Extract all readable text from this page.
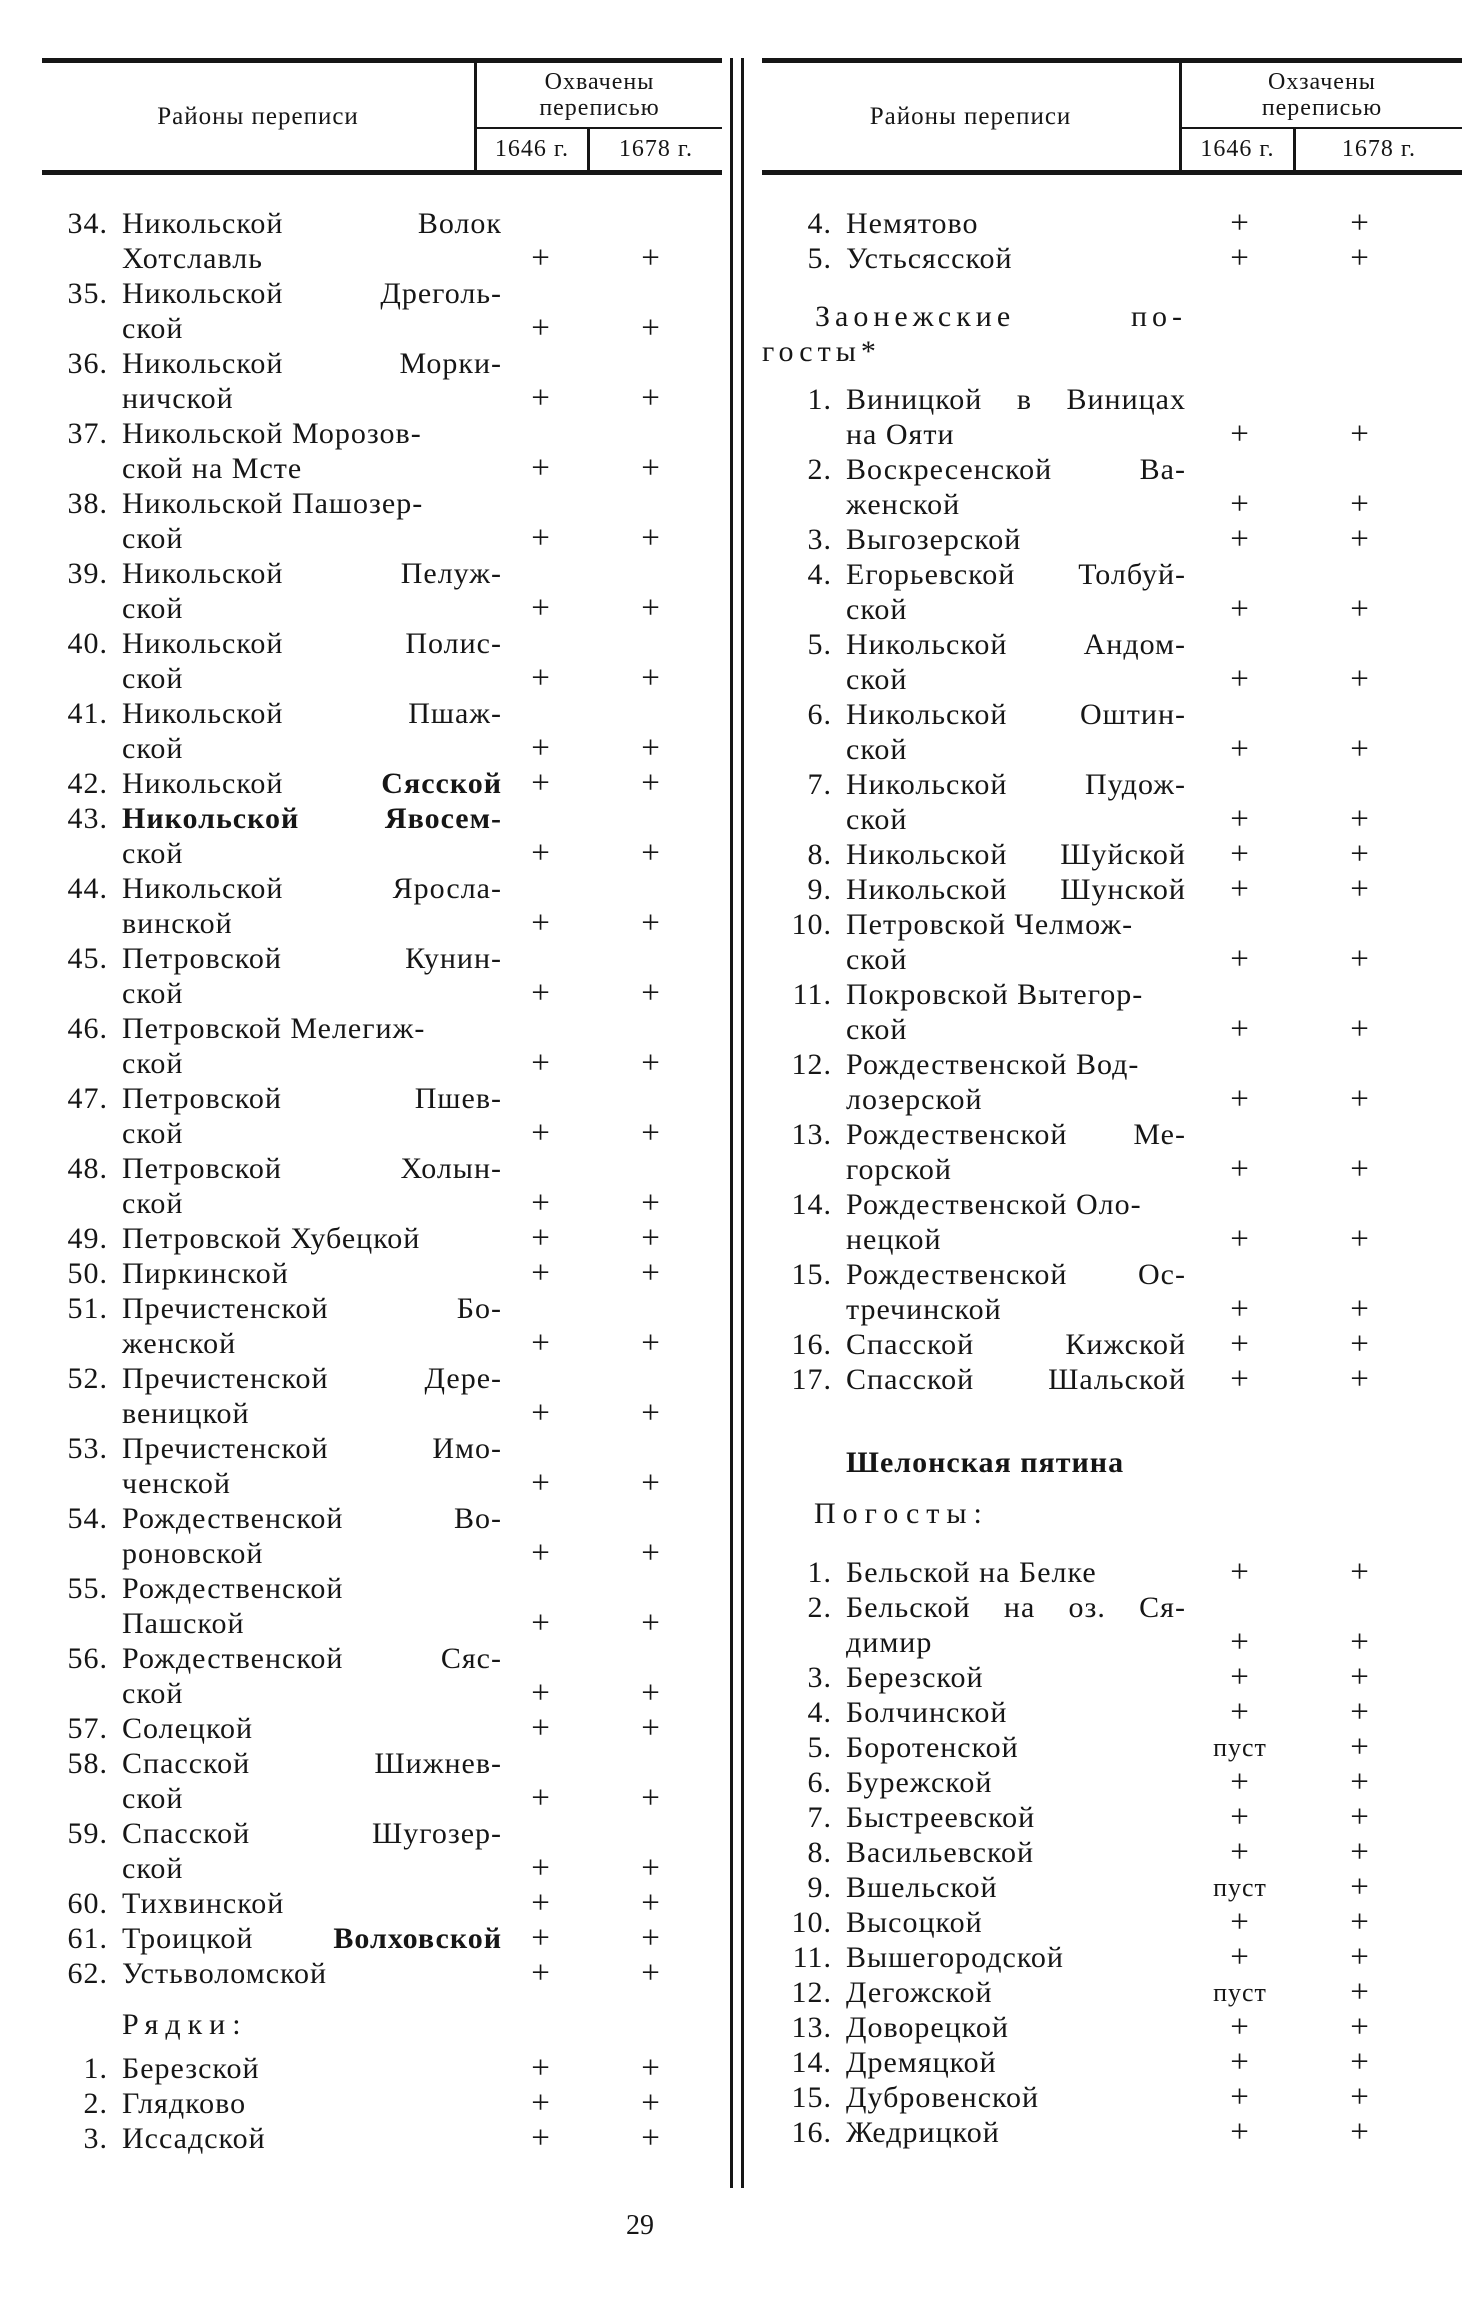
Районы переписи
Охвачены
переписью
1646 г.	1678 г.
34. Никольской	Волок
Хотславль	+	+
35. Никольской	Дреголь-
ской	+	+
36. Никольской	Морки-
ничской	+	+
37. Никольской Морозов-
ской на Мсте	+	+
38. Никольской Пашозер-
ской	+	+
39. Никольской	Пелуж-
ской	+	+
40. Никольской	Полис-
ской	+	+
41. Никольской	Пшаж-
ской	+	+
42. Никольской	Сясской +	+
43. Никольской	Явосем-
ской	+	+
44. Никольской	Яросла-
винской	+	+
45. Петровской	Кунин-
ской	+	+
46. Петровской Мелегиж-
ской	+	+
47. Петровской	Пшев-
ской	+	+
48. Петровской	Холын-
ской	+	+
49. Петровской Хубецкой	+	+
50. Пиркинской	+	+
51. Пречистенской	Бо-
женской	+	+
52. Пречистенской	Дере-
веницкой	+	+
53. Пречистенской	Имо-
ченской	+	+
54. Рождественской	Во-
роновской	+	+
55. Рождественской
Пашской	+	+
56. Рождественской	Сяс-
ской	+	+
57. Солецкой	+	+
58. Спасской	Шижнев-
ской	+	+
59. Спасской	Шугозер-
ской	+	+
60. Тихвинской	+	+
61. Троицкой	Волховской +	+
62. Устьволомской	+	+
Рядки:
1. Березской	+	+
2. Глядково	+	+
3. Иссадской	+	+
Районы переписи
Охзачены
переписью
1646 г.	1678 г.
4. Немятово	+	+
5. Устьсясской	+	+
Заонежские	по-
госты*
1. Виницкой в Виницах
на Ояти	+	+
2. Воскресенской	Ва-
женской	+	+
3. Выгозерской	+	+
4. Егорьевской Толбуй-
ской	+	+
5. Никольской	Андом-
ской	+	+
6. Никольской Оштин-
ской	+	+
7. Никольской	Пудож-
ской	+	+
8. Никольской Шуйской	+	+
9. Никольской Шунской	+	+
10. Петровской Челмож-
ской	+	+
11. Покровской Вытегор-
ской	+	+
12. Рождественской Вод-
лозерской	+	+
13. Рождественской Ме-
горской	+	+
14. Рождественской Оло-
нецкой	+	+
15. Рождественской Ос-
тречинской	+	+
16. Спасской	Кижской	+	+
17. Спасской Шальской	+	+
Шелонская пятина
Погосты:
1. Бельской на Белке	+	+
2. Бельской на оз. Ся-
димир	+	+
3. Березской	+	+
4. Болчинской	+	+
5. Боротенской	пуст	+
6. Бурежской	+	+
7. Быстреевской	+	+
8. Васильевской	+	+
9. Вшельской	пуст	+
10. Высоцкой	+	+
11. Вышегородской	+	+
12. Дегожской	пуст	+
13. Доворецкой	+	+
14. Дремяцкой	+	+
15. Дубровенской	+	+
16. Жедрицкой	+	+
29
